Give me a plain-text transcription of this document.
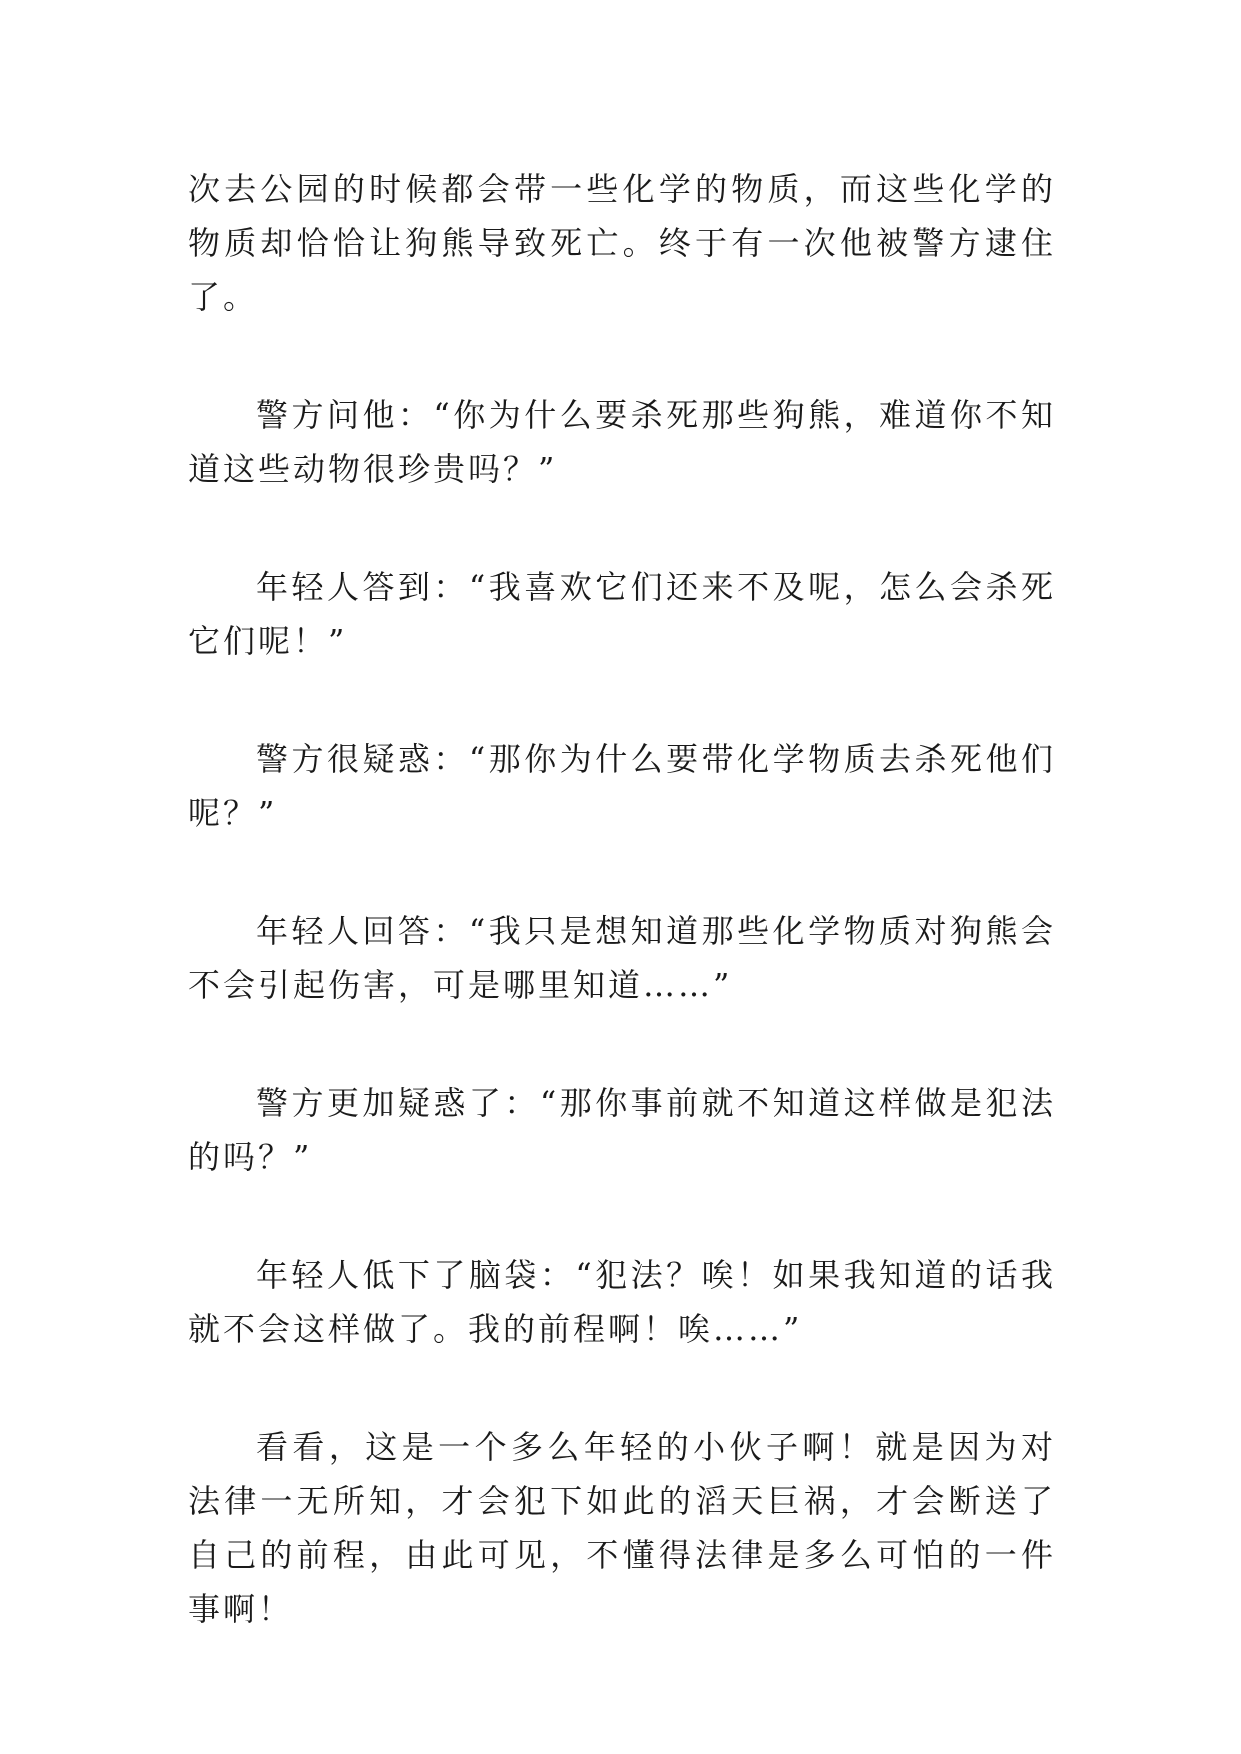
次去公园的时候都会带一些化学的物质，而这些化学的物质却恰恰让狗熊导致死亡。终于有一次他被警方逮住了。

警方问他：“你为什么要杀死那些狗熊，难道你不知道这些动物很珍贵吗？”

年轻人答到：“我喜欢它们还来不及呢，怎么会杀死它们呢！”

警方很疑惑：“那你为什么要带化学物质去杀死他们呢？”

年轻人回答：“我只是想知道那些化学物质对狗熊会不会引起伤害，可是哪里知道……”

警方更加疑惑了：“那你事前就不知道这样做是犯法的吗？”

年轻人低下了脑袋：“犯法？唉！如果我知道的话我就不会这样做了。我的前程啊！唉……”

看看，这是一个多么年轻的小伙子啊！就是因为对法律一无所知，才会犯下如此的滔天巨祸，才会断送了自己的前程，由此可见，不懂得法律是多么可怕的一件事啊！
